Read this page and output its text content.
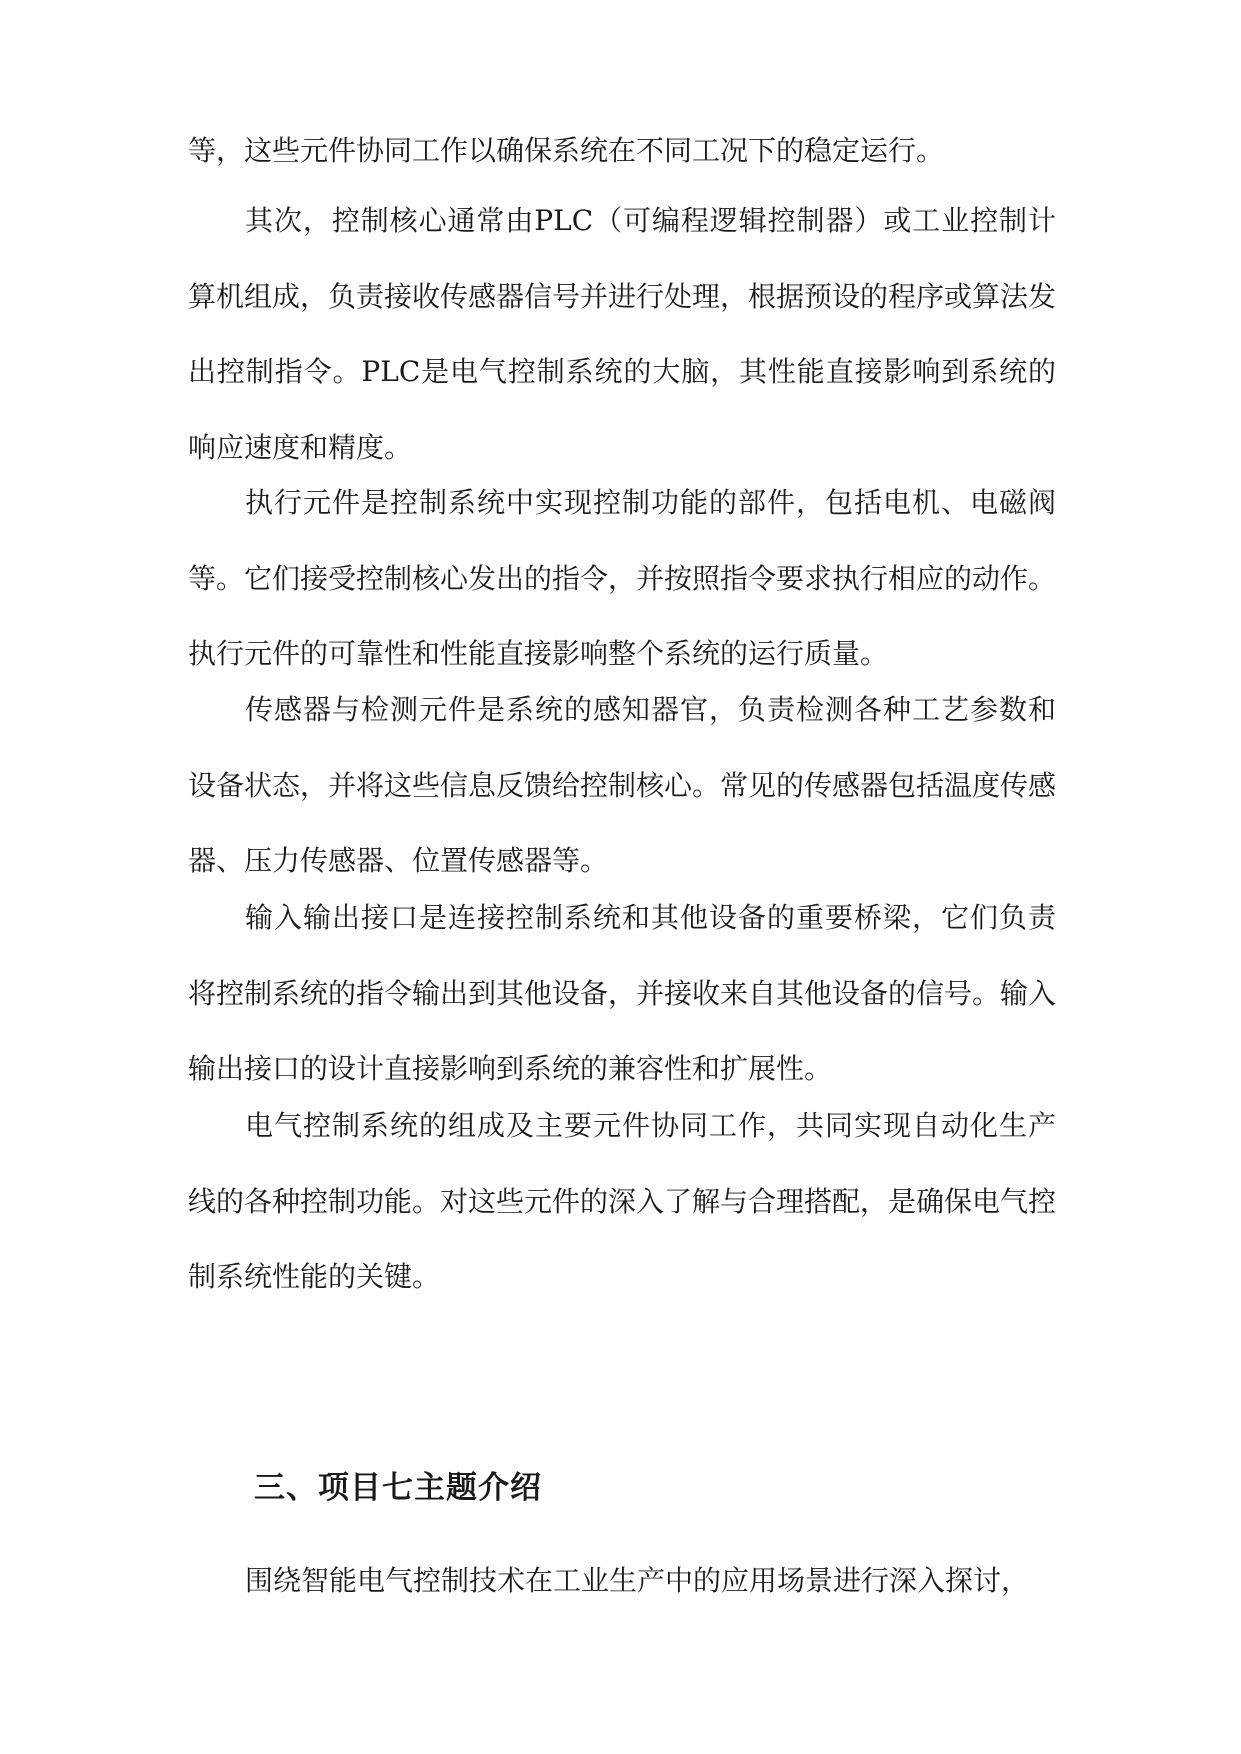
等，这些元件协同工作以确保系统在不同工况下的稳定运行。

其次，控制核心通常由PLC（可编程逻辑控制器）或工业控制计算机组成，负责接收传感器信号并进行处理，根据预设的程序或算法发出控制指令。PLC是电气控制系统的大脑，其性能直接影响到系统的响应速度和精度。

执行元件是控制系统中实现控制功能的部件，包括电机、电磁阀等。它们接受控制核心发出的指令，并按照指令要求执行相应的动作。执行元件的可靠性和性能直接影响整个系统的运行质量。

传感器与检测元件是系统的感知器官，负责检测各种工艺参数和设备状态，并将这些信息反馈给控制核心。常见的传感器包括温度传感器、压力传感器、位置传感器等。

输入输出接口是连接控制系统和其他设备的重要桥梁，它们负责将控制系统的指令输出到其他设备，并接收来自其他设备的信号。输入输出接口的设计直接影响到系统的兼容性和扩展性。

电气控制系统的组成及主要元件协同工作，共同实现自动化生产线的各种控制功能。对这些元件的深入了解与合理搭配，是确保电气控制系统性能的关键。

三、项目七主题介绍

围绕智能电气控制技术在工业生产中的应用场景进行深入探讨，
